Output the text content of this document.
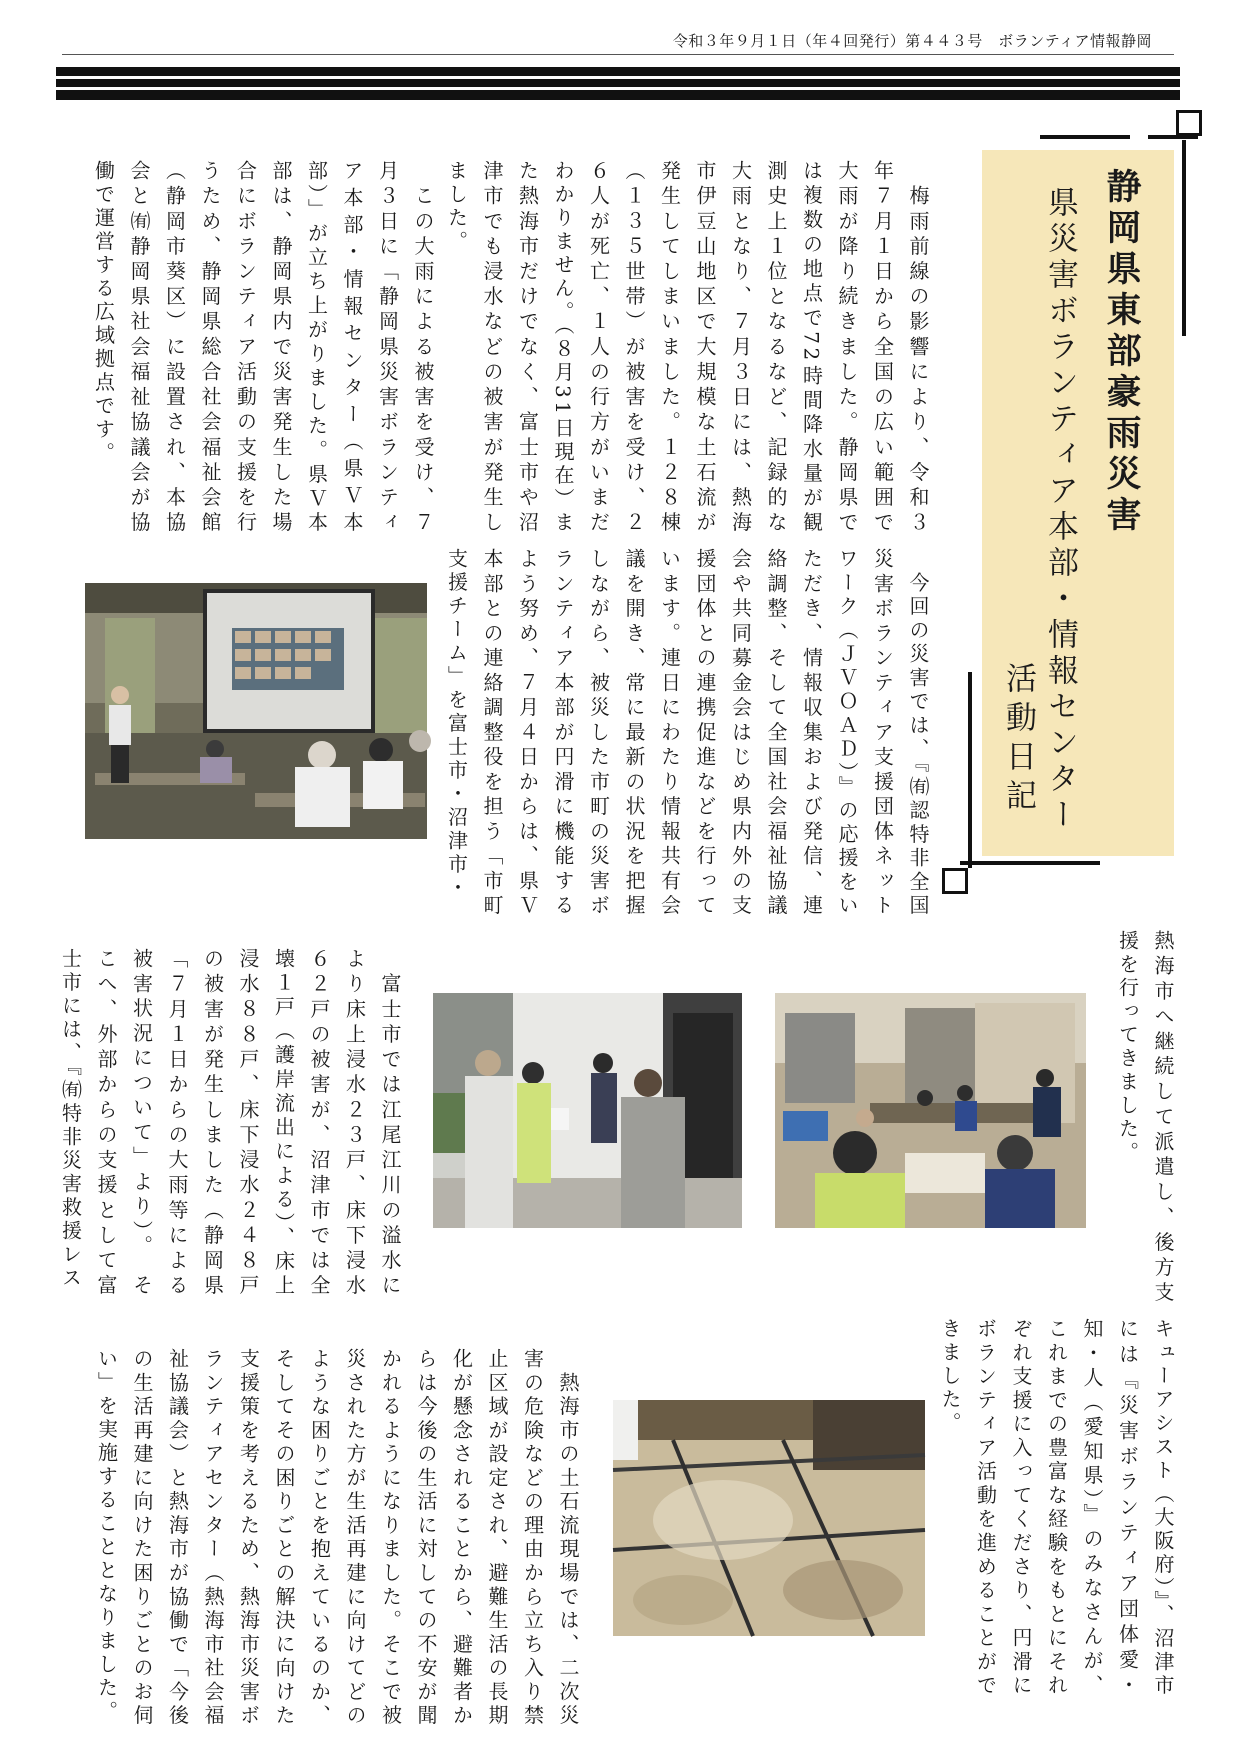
令和３年９月１日（年４回発行）第４４３号　ボランティア情報静岡
静岡県東部豪雨災害
県災害ボランティア本部・情報センター
活動日記
　梅雨前線の影響により、令和３年７月１日から全国の広い範囲で大雨が降り続きました。静岡県では複数の地点で72時間降水量が観測史上１位となるなど、記録的な大雨となり、７月３日には、熱海市伊豆山地区で大規模な土石流が発生してしまいました。１２８棟（１３５世帯）が被害を受け、２６人が死亡、１人の行方がいまだわかりません。（８月31日現在）また熱海市だけでなく、富士市や沼津市でも浸水などの被害が発生しました。
　この大雨による被害を受け、７月３日に「静岡県災害ボランティア本部・情報センター（県Ｖ本部）」が立ち上がりました。県Ｖ本部は、静岡県内で災害発生した場合にボランティア活動の支援を行うため、静岡県総合社会福祉会館（静岡市葵区）に設置され、本協会と㈲静岡県社会福祉協議会が協働で運営する広域拠点です。
　今回の災害では、『㈲認特非全国災害ボランティア支援団体ネットワーク（ＪＶＯＡＤ）』の応援をいただき、情報収集および発信、連絡調整、そして全国社会福祉協議会や共同募金会はじめ県内外の支援団体との連携促進などを行っています。連日にわたり情報共有会議を開き、常に最新の状況を把握しながら、被災した市町の災害ボランティア本部が円滑に機能するよう努め、７月４日からは、県Ｖ本部との連絡調整役を担う「市町支援チーム」を富士市・沼津市・
熱海市へ継続して派遣し、後方支援を行ってきました。
　富士市では江尾江川の溢水により床上浸水２３戸、床下浸水６２戸の被害が、沼津市では全壊１戸（護岸流出による）、床上浸水８８戸、床下浸水２４８戸の被害が発生しました（静岡県「７月１日からの大雨等による被害状況について」より）。　そこへ、外部からの支援として富士市には、『㈲特非災害救援レス
キューアシスト（大阪府）』、沼津市には『災害ボランティア団体愛・知・人（愛知県）』のみなさんが、これまでの豊富な経験をもとにそれぞれ支援に入ってくださり、円滑にボランティア活動を進めることができました。
　熱海市の土石流現場では、二次災害の危険などの理由から立ち入り禁止区域が設定され、避難生活の長期化が懸念されることから、避難者からは今後の生活に対しての不安が聞かれるようになりました。そこで被災された方が生活再建に向けてどのような困りごとを抱えているのか、そしてその困りごとの解決に向けた支援策を考えるため、熱海市災害ボランティアセンター（熱海市社会福祉協議会）と熱海市が協働で「今後の生活再建に向けた困りごとのお伺い」を実施することとなりました。
